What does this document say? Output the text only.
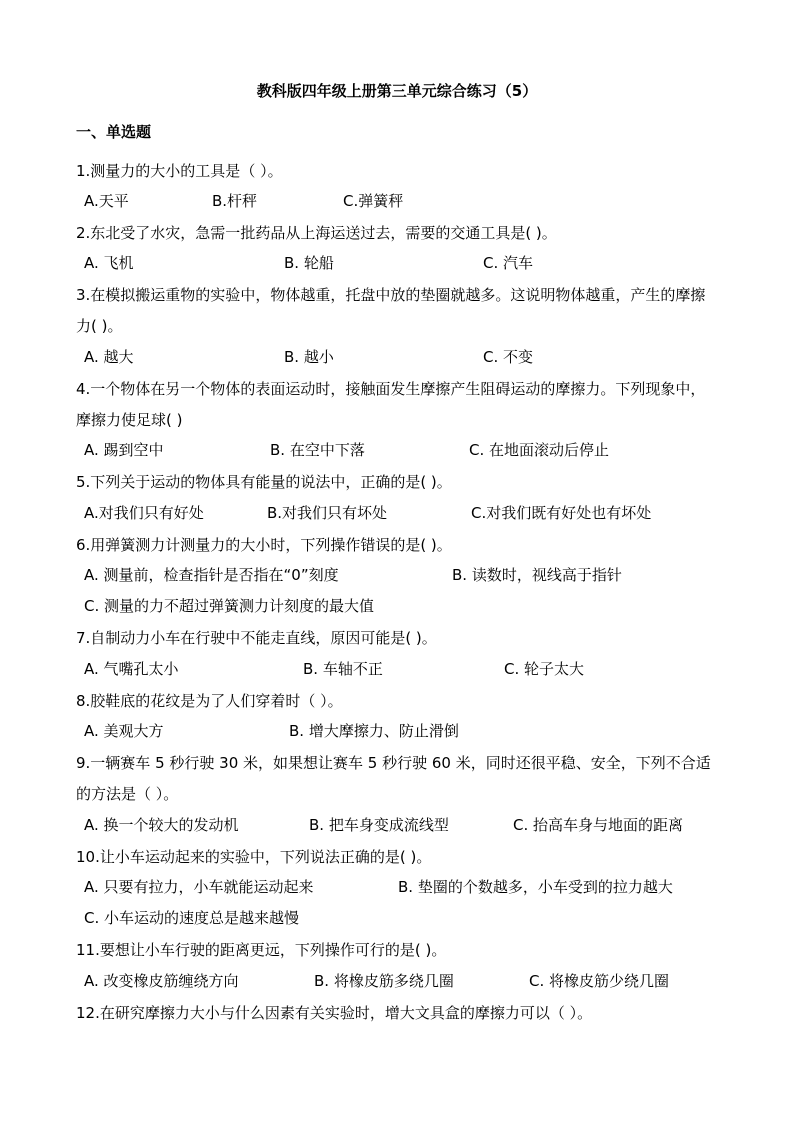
教科版四年级上册第三单元综合练习（5）
一、单选题
1.测量力的大小的工具是（ ）。
A.天平	B.杆秤	C.弹簧秤
2.东北受了水灾，急需一批药品从上海运送过去，需要的交通工具是( )。
A. 飞机	B. 轮船	C. 汽车
3.在模拟搬运重物的实验中，物体越重，托盘中放的垫圈就越多。这说明物体越重，产生的摩擦力( )。
A. 越大	B. 越小	C. 不变
4.一个物体在另一个物体的表面运动时，接触面发生摩擦产生阻碍运动的摩擦力。下列现象中，摩擦力使足球( )
A. 踢到空中	B. 在空中下落	C. 在地面滚动后停止
5.下列关于运动的物体具有能量的说法中，正确的是( )。
A.对我们只有好处	B.对我们只有坏处	C.对我们既有好处也有坏处
6.用弹簧测力计测量力的大小时，下列操作错误的是( )。
A. 测量前，检查指针是否指在“0”刻度	B. 读数时，视线高于指针
C. 测量的力不超过弹簧测力计刻度的最大值
7.自制动力小车在行驶中不能走直线，原因可能是( )。
A. 气嘴孔太小	B. 车轴不正	C. 轮子太大
8.胶鞋底的花纹是为了人们穿着时（ ）。
A. 美观大方	B. 增大摩擦力、防止滑倒
9.一辆赛车 5 秒行驶 30 米，如果想让赛车 5 秒行驶 60 米，同时还很平稳、安全，下列不合适的方法是（ ）。
A. 换一个较大的发动机	B. 把车身变成流线型	C. 抬高车身与地面的距离
10.让小车运动起来的实验中，下列说法正确的是( )。
A. 只要有拉力，小车就能运动起来	B. 垫圈的个数越多，小车受到的拉力越大
C. 小车运动的速度总是越来越慢
11.要想让小车行驶的距离更远，下列操作可行的是( )。
A. 改变橡皮筋缠绕方向	B. 将橡皮筋多绕几圈	C. 将橡皮筋少绕几圈
12.在研究摩擦力大小与什么因素有关实验时，增大文具盒的摩擦力可以（ ）。
